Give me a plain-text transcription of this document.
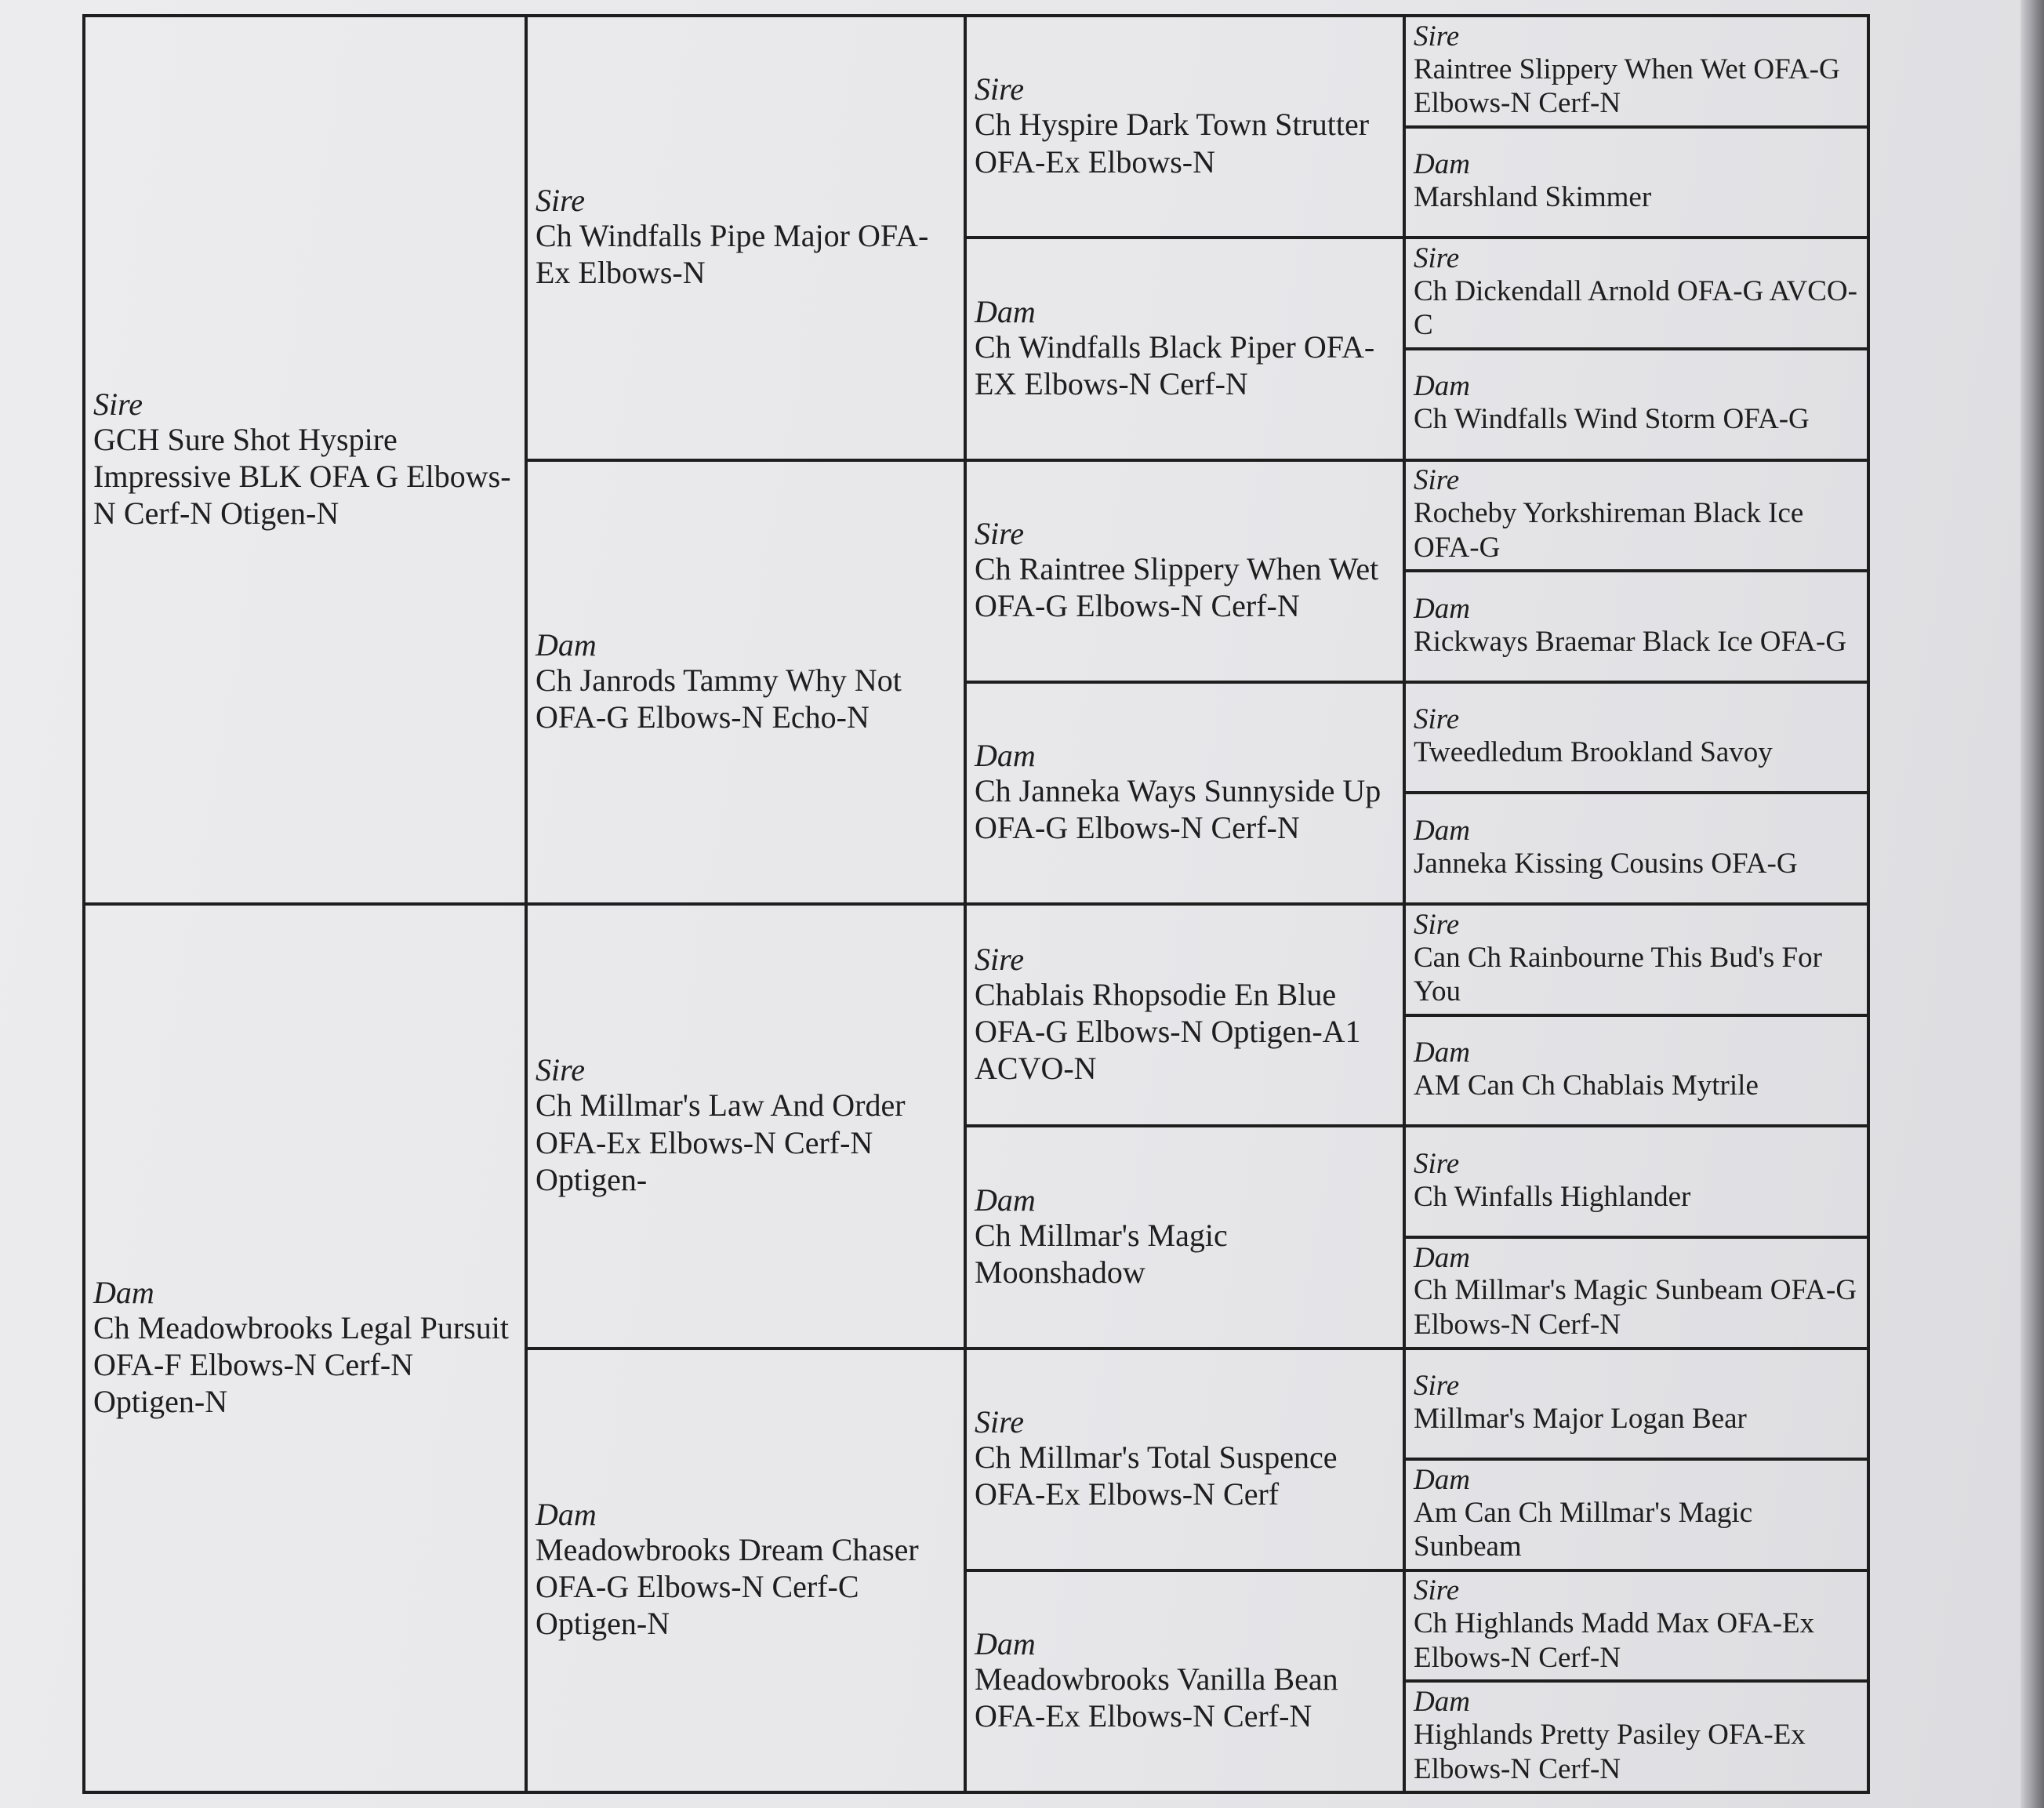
Sire
GCH Sure Shot Hyspire Impressive BLK OFA G Elbows-N Cerf-N Otigen-N
Dam
Ch Meadowbrooks Legal Pursuit OFA-F Elbows-N Cerf-N Optigen-N
Sire
Ch Windfalls Pipe Major OFA-Ex Elbows-N
Dam
Ch Janrods Tammy Why Not OFA-G Elbows-N Echo-N
Sire
Ch Millmar's Law And Order OFA-Ex Elbows-N Cerf-N Optigen-
Dam
Meadowbrooks Dream Chaser OFA-G Elbows-N Cerf-C Optigen-N
Sire
Ch Hyspire Dark Town Strutter OFA-Ex Elbows-N
Dam
Ch Windfalls Black Piper OFA-EX Elbows-N Cerf-N
Sire
Ch Raintree Slippery When Wet OFA-G Elbows-N Cerf-N
Dam
Ch Janneka Ways Sunnyside Up OFA-G Elbows-N Cerf-N
Sire
Chablais Rhopsodie En Blue OFA-G Elbows-N Optigen-A1 ACVO-N
Dam
Ch Millmar's Magic Moonshadow
Sire
Ch Millmar's Total Suspence OFA-Ex Elbows-N Cerf
Dam
Meadowbrooks Vanilla Bean OFA-Ex Elbows-N Cerf-N
Sire
Raintree Slippery When Wet OFA-G Elbows-N Cerf-N
Dam
Marshland Skimmer
Sire
Ch Dickendall Arnold OFA-G AVCO-C
Dam
Ch Windfalls Wind Storm OFA-G
Sire
Rocheby Yorkshireman Black Ice OFA-G
Dam
Rickways Braemar Black Ice OFA-G
Sire
Tweedledum Brookland Savoy
Dam
Janneka Kissing Cousins OFA-G
Sire
Can Ch Rainbourne This Bud's For You
Dam
AM Can Ch Chablais Mytrile
Sire
Ch Winfalls Highlander
Dam
Ch Millmar's Magic Sunbeam OFA-G Elbows-N Cerf-N
Sire
Millmar's Major Logan Bear
Dam
Am Can Ch Millmar's Magic Sunbeam
Sire
Ch Highlands Madd Max OFA-Ex Elbows-N Cerf-N
Dam
Highlands Pretty Pasiley OFA-Ex Elbows-N Cerf-N
